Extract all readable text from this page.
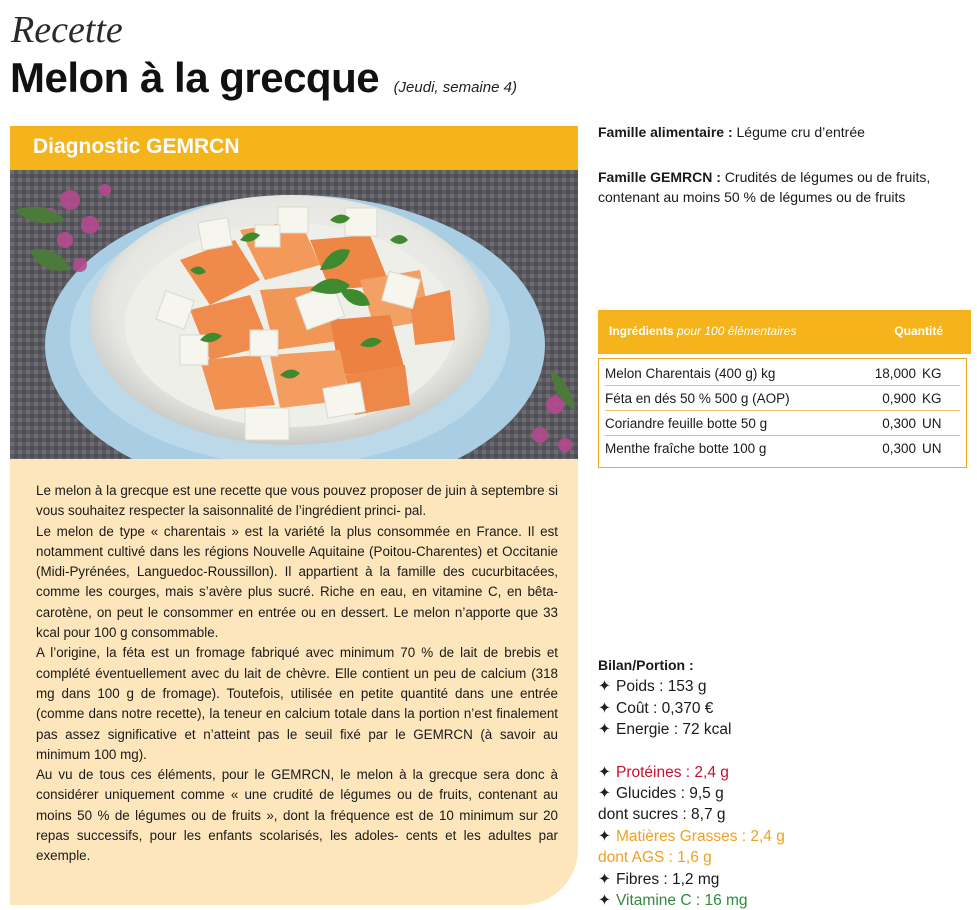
Recette
Melon à la grecque (Jeudi, semaine 4)
Diagnostic GEMRCN

Le melon à la grecque est une recette que vous pouvez proposer de juin à septembre si vous souhaitez respecter la saisonnalité de l’ingrédient princi- pal.

Le melon de type « charentais » est la variété la plus consommée en France. Il est notamment cultivé dans les régions Nouvelle Aquitaine (Poitou-Charentes) et Occitanie (Midi-Pyrénées, Languedoc-Roussillon). Il appartient à la famille des cucurbitacées, comme les courges, mais s’avère plus sucré. Riche en eau, en vitamine C, en bêta-carotène, on peut le consommer en entrée ou en dessert. Le melon n’apporte que 33 kcal pour 100 g consommable.

A l’origine, la féta est un fromage fabriqué avec minimum 70 % de lait de brebis et complété éventuellement avec du lait de chèvre. Elle contient un peu de calcium (318 mg dans 100 g de fromage). Toutefois, utilisée en petite quantité dans une entrée (comme dans notre recette), la teneur en calcium totale dans la portion n’est finalement pas assez significative et n’atteint pas le seuil fixé par le GEMRCN (à savoir au minimum 100 mg).

Au vu de tous ces éléments, pour le GEMRCN, le melon à la grecque sera donc à considérer uniquement comme « une crudité de légumes ou de fruits, contenant au moins 50 % de légumes ou de fruits », dont la fréquence est de 10 minimum sur 20 repas successifs, pour les enfants scolarisés, les adoles- cents et les adultes par exemple.

Famille alimentaire : Légume cru d’entrée
Famille GEMRCN : Crudités de légumes ou de fruits, contenant au moins 50 % de légumes ou de fruits
Ingrédients pour 100 élémentaires	Quantité
Melon Charentais (400 g) kg	18,000 KG
Féta en dés 50 % 500 g (AOP)	0,900 KG
Coriandre feuille botte 50 g	0,300 UN
Menthe fraîche botte 100 g	0,300 UN
Bilan/Portion :
✦ Poids : 153 g
✦ Coût : 0,370 €
✦ Energie : 72 kcal
✦ Protéines : 2,4 g
✦ Glucides : 9,5 g
dont sucres : 8,7 g
✦ Matières Grasses : 2,4 g
dont AGS : 1,6 g
✦ Fibres : 1,2 mg
✦ Vitamine C : 16 mg
